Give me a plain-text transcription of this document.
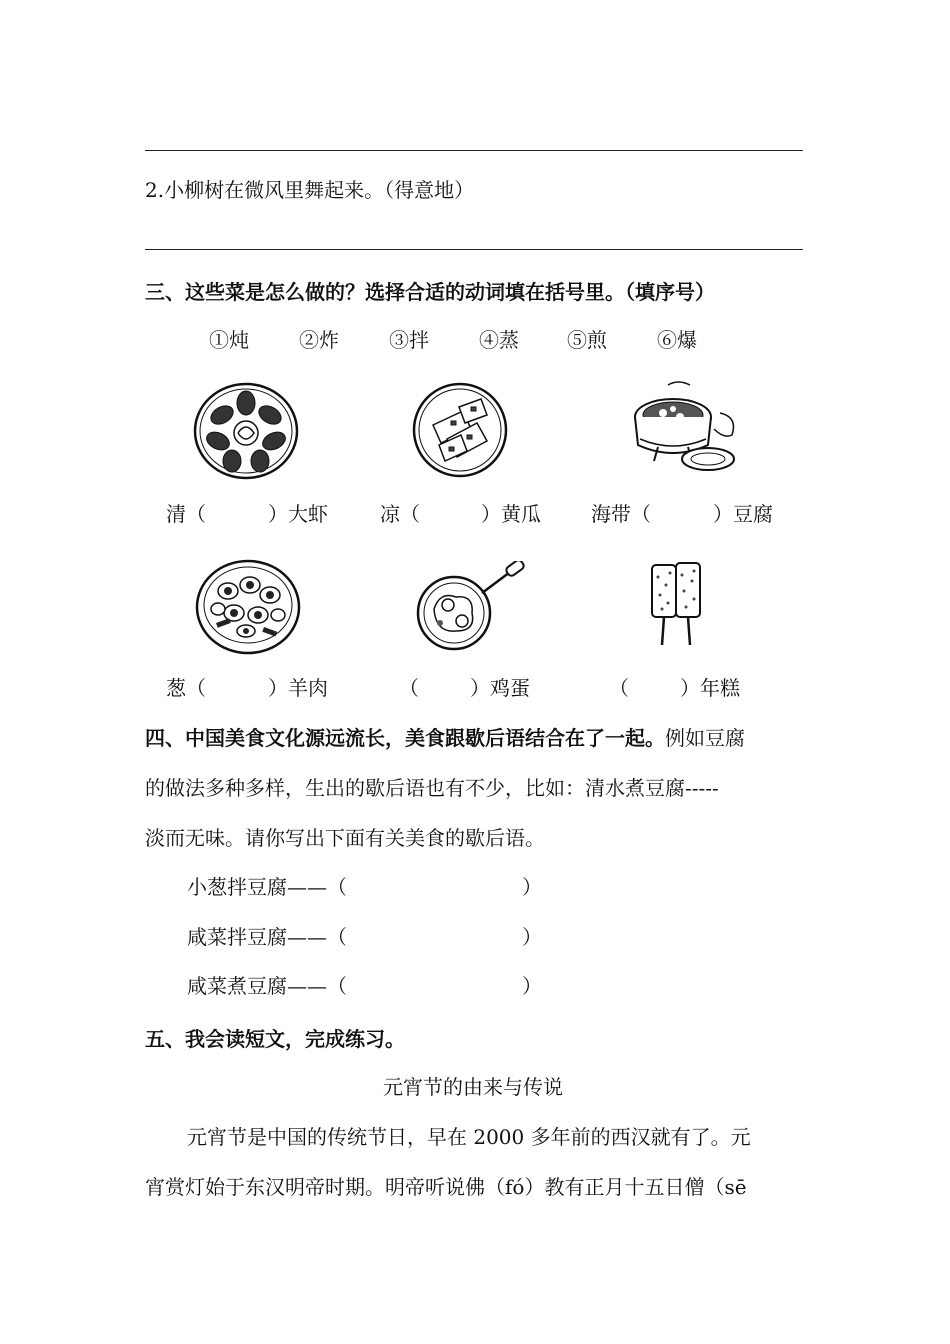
2.小柳树在微风里舞起来。（得意地）
三、这些菜是怎么做的？选择合适的动词填在括号里。（填序号）
①炖	②炸	③拌	④蒸 ⑤煎	⑥爆
清（	）大虾	凉（	）黄瓜	海带（	）豆腐
葱（	）羊肉	（	）鸡蛋	（	）年糕
四、中国美食文化源远流长，美食跟歇后语结合在了一起。例如豆腐
的做法多种多样，生出的歇后语也有不少，比如：清水煮豆腐-----
淡而无味。请你写出下面有关美食的歇后语。
小葱拌豆腐——（	）
咸菜拌豆腐——（	）
咸菜煮豆腐——（	）
五、我会读短文，完成练习。
元宵节的由来与传说
元宵节是中国的传统节日，早在 2000 多年前的西汉就有了。元
宵赏灯始于东汉明帝时期。明帝听说佛（fó）教有正月十五日僧（sē
